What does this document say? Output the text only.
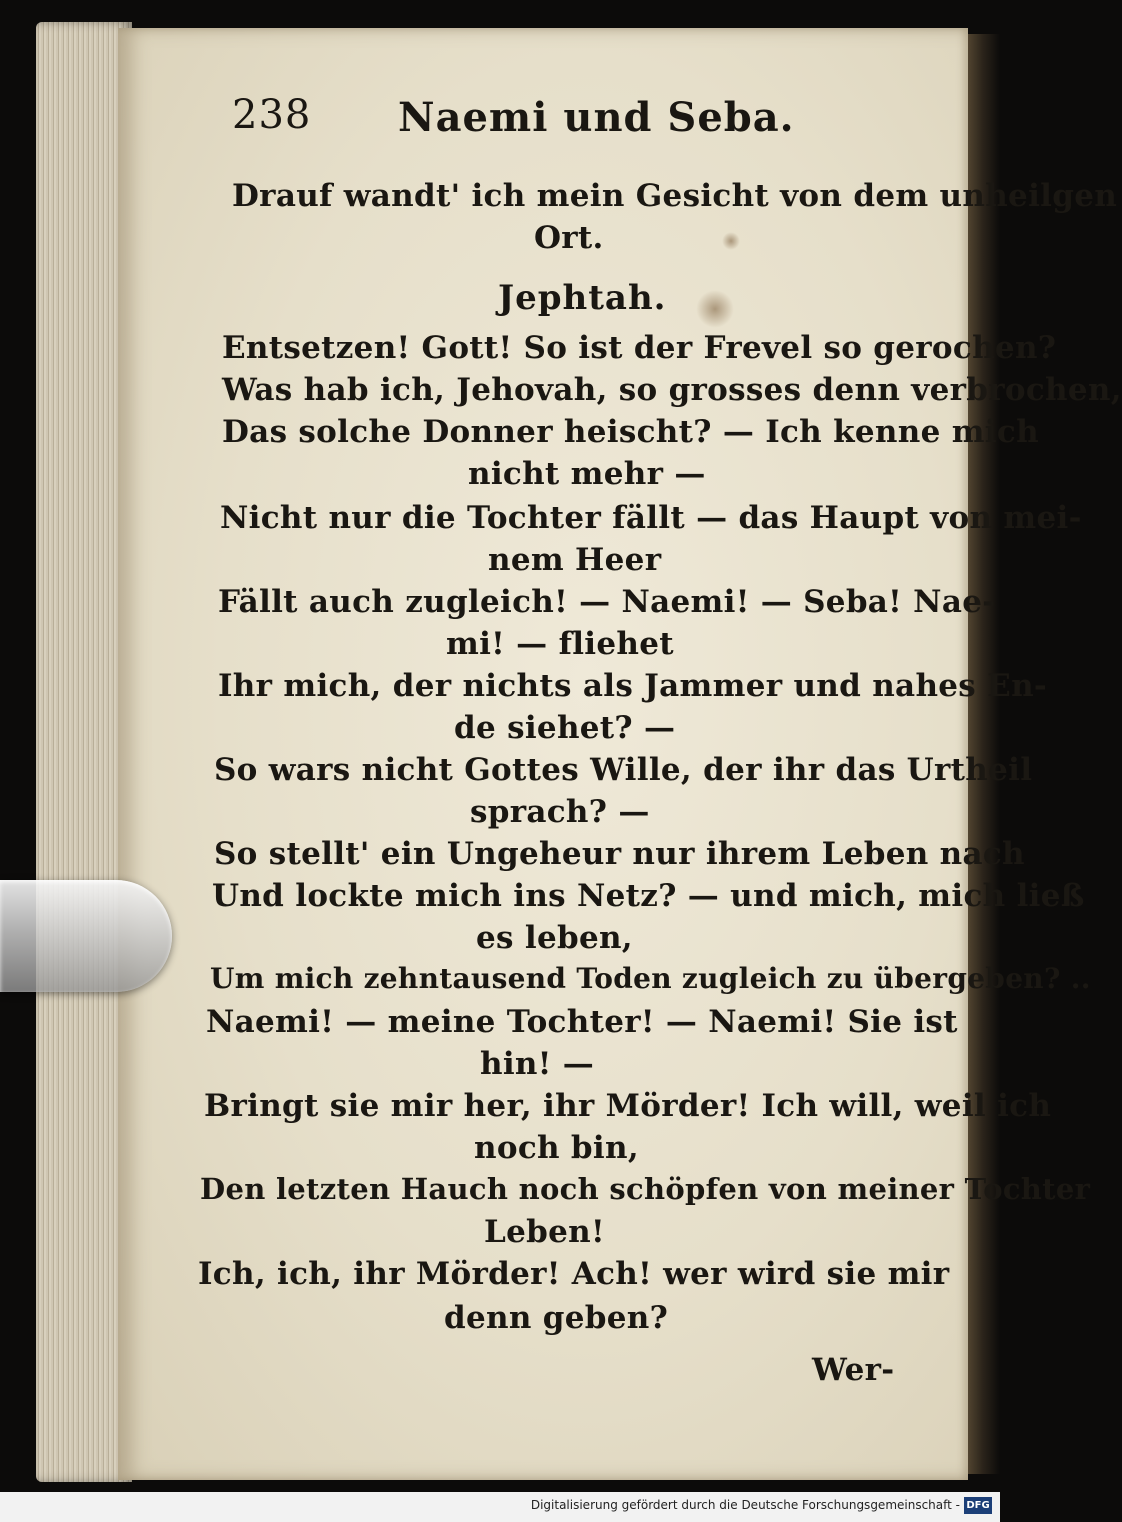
238 Naemi und Seba.
Drauf wandt' ich mein Gesicht von dem unheilgen
Ort.
Jephtah.
Entsetzen! Gott! So ist der Frevel so gerochen?
Was hab ich, Jehovah, so grosses denn verbrochen,
Das solche Donner heischt? — Ich kenne mich
nicht mehr —
Nicht nur die Tochter fällt — das Haupt von mei-
nem Heer
Fällt auch zugleich! — Naemi! — Seba! Nae-
mi! — fliehet
Ihr mich, der nichts als Jammer und nahes En-
de siehet? —
So wars nicht Gottes Wille, der ihr das Urtheil
sprach? —
So stellt' ein Ungeheur nur ihrem Leben nach
Und lockte mich ins Netz? — und mich, mich ließ
es leben,
Um mich zehntausend Toden zugleich zu übergeben? ..
Naemi! — meine Tochter! — Naemi! Sie ist
hin! —
Bringt sie mir her, ihr Mörder! Ich will, weil ich
noch bin,
Den letzten Hauch noch schöpfen von meiner Tochter
Leben!
Ich, ich, ihr Mörder! Ach! wer wird sie mir
denn geben?
Wer-
Digitalisierung gefördert durch die Deutsche Forschungsgemeinschaft - DFG
